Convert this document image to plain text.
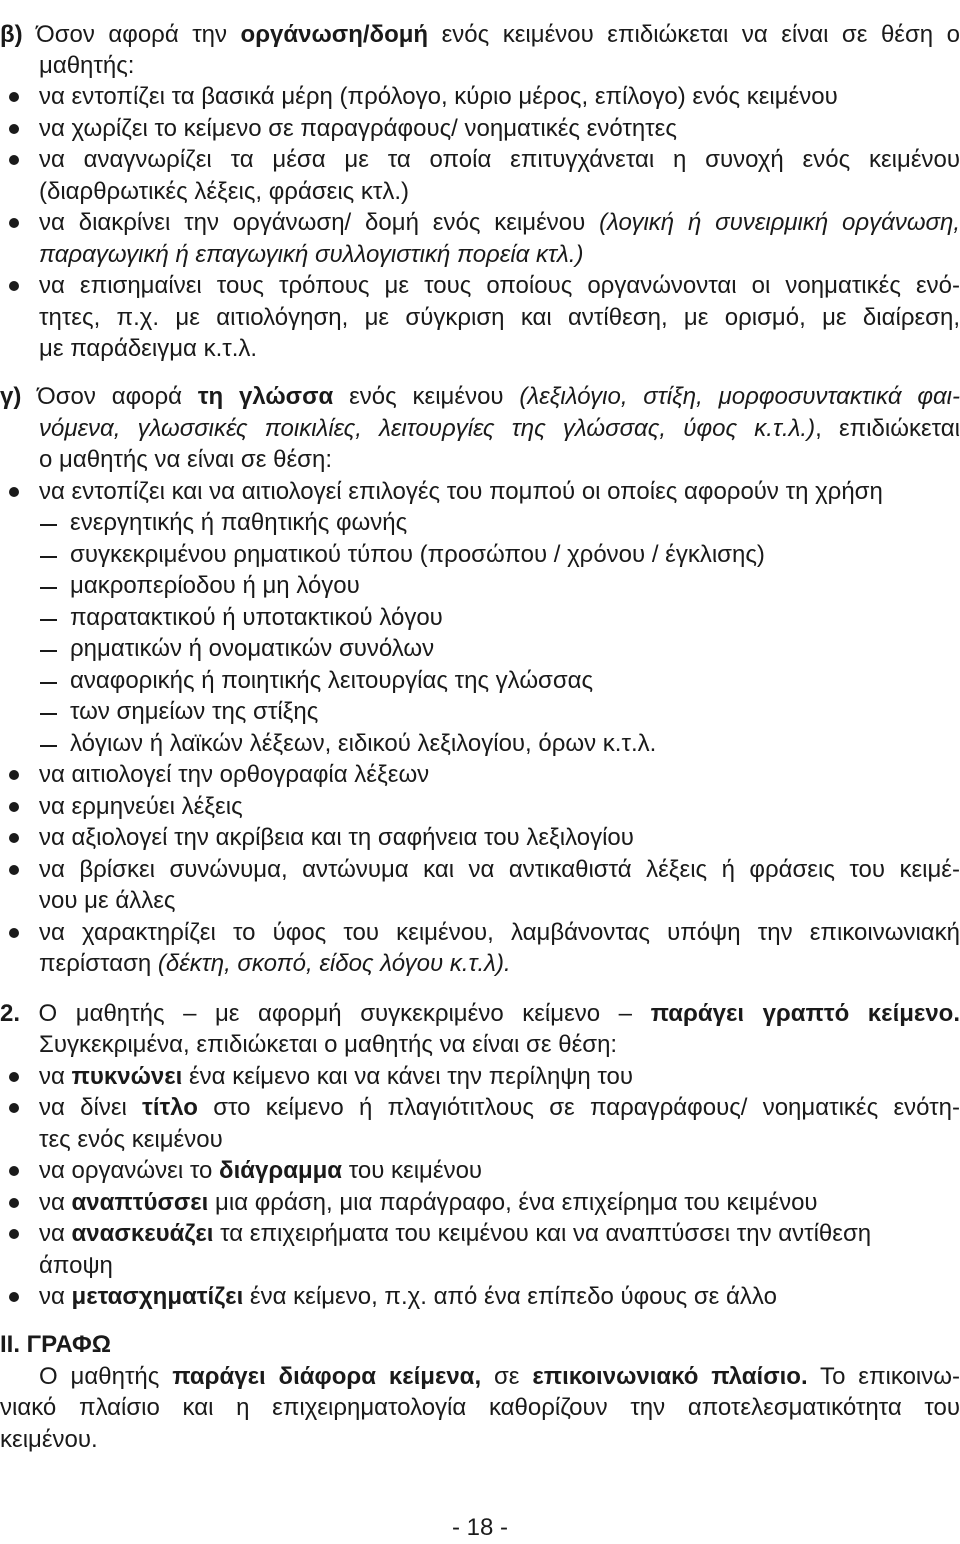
β) Όσον αφορά την οργάνωση/δομή ενός κειμένου επιδιώκεται να είναι σε θέση ο
μαθητής:
να εντοπίζει τα βασικά μέρη (πρόλογο, κύριο μέρος, επίλογο) ενός κειμένου
να χωρίζει το κείμενο σε παραγράφους/ νοηματικές ενότητες
να αναγνωρίζει τα μέσα με τα οποία επιτυγχάνεται η συνοχή ενός κειμένου
(διαρθρωτικές λέξεις, φράσεις κτλ.)
να διακρίνει την οργάνωση/ δομή ενός κειμένου (λογική ή συνειρμική οργάνωση,
παραγωγική ή επαγωγική συλλογιστική πορεία κτλ.)
να επισημαίνει τους τρόπους με τους οποίους οργανώνονται οι νοηματικές ενό-
τητες, π.χ. με αιτιολόγηση, με σύγκριση και αντίθεση, με ορισμό, με διαίρεση,
με παράδειγμα κ.τ.λ.
γ) Όσον αφορά τη γλώσσα ενός κειμένου (λεξιλόγιο, στίξη, μορφοσυντακτικά φαι-
νόμενα, γλωσσικές ποικιλίες, λειτουργίες της γλώσσας, ύφος κ.τ.λ.), επιδιώκεται
ο μαθητής να είναι σε θέση:
να εντοπίζει και να αιτιολογεί επιλογές του πομπού οι οποίες αφορούν τη χρήση
ενεργητικής ή παθητικής φωνής
συγκεκριμένου ρηματικού τύπου (προσώπου / χρόνου / έγκλισης)
μακροπερίοδου ή μη λόγου
παρατακτικού ή υποτακτικού λόγου
ρηματικών ή ονοματικών συνόλων
αναφορικής ή ποιητικής λειτουργίας της γλώσσας
των σημείων της στίξης
λόγιων ή λαϊκών λέξεων, ειδικού λεξιλογίου, όρων κ.τ.λ.
να αιτιολογεί την ορθογραφία λέξεων
να ερμηνεύει λέξεις
να αξιολογεί την ακρίβεια και τη σαφήνεια του λεξιλογίου
να βρίσκει συνώνυμα, αντώνυμα και να αντικαθιστά λέξεις ή φράσεις του κειμέ-
νου με άλλες
να χαρακτηρίζει το ύφος του κειμένου, λαμβάνοντας υπόψη την επικοινωνιακή
περίσταση (δέκτη, σκοπό, είδος λόγου κ.τ.λ).
2. Ο μαθητής – με αφορμή συγκεκριμένο κείμενο – παράγει γραπτό κείμενο.
Συγκεκριμένα, επιδιώκεται ο μαθητής να είναι σε θέση:
να πυκνώνει ένα κείμενο και να κάνει την περίληψη του
να δίνει τίτλο στο κείμενο ή πλαγιότιτλους σε παραγράφους/ νοηματικές ενότη-
τες ενός κειμένου
να οργανώνει το διάγραμμα του κειμένου
να αναπτύσσει μια φράση, μια παράγραφο, ένα επιχείρημα του κειμένου
να ανασκευάζει τα επιχειρήματα του κειμένου και να αναπτύσσει την αντίθεση
άποψη
να μετασχηματίζει ένα κείμενο, π.χ. από ένα επίπεδο ύφους σε άλλο
ΙΙ. ΓΡΑΦΩ
Ο μαθητής παράγει διάφορα κείμενα, σε επικοινωνιακό πλαίσιο. Το επικοινω-
νιακό πλαίσιο και η επιχειρηματολογία καθορίζουν την αποτελεσματικότητα του
κειμένου.
- 18 -
